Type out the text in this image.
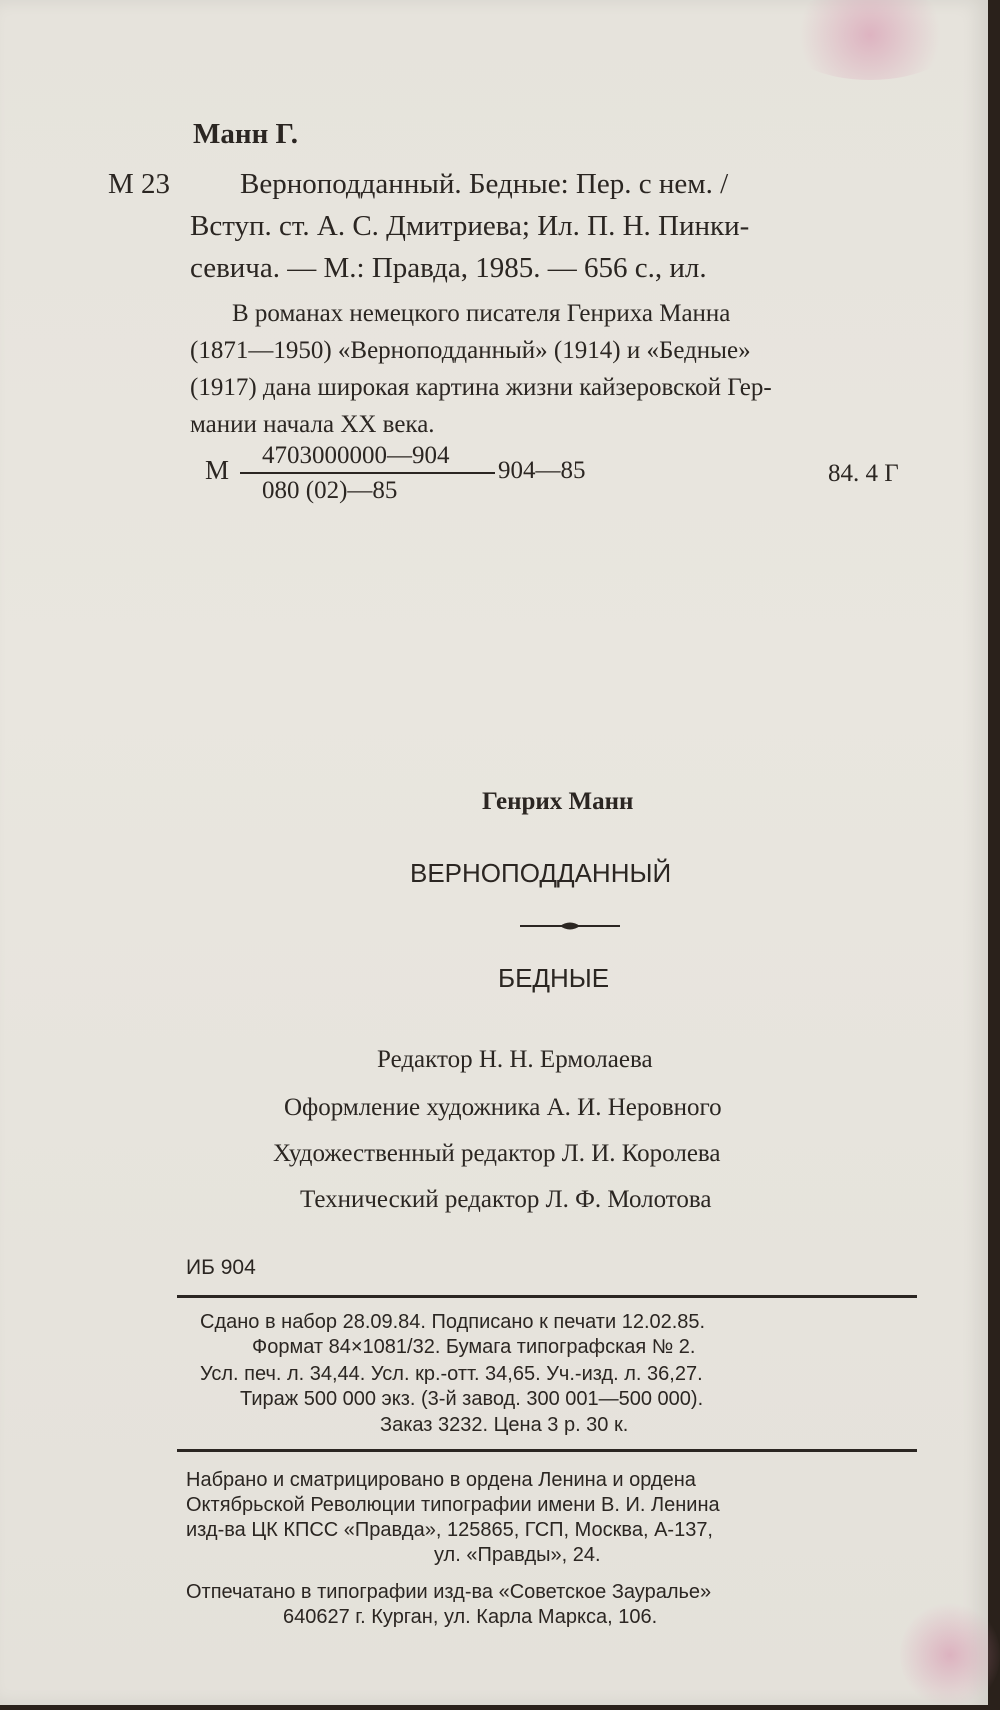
Манн Г.
М 23 Верноподданный. Бедные: Пер. с нем. /
Вступ. ст. А. С. Дмитриева; Ил. П. Н. Пинки-
севича. — М.: Правда, 1985. — 656 с., ил.
В романах немецкого писателя Генриха Манна
(1871—1950) «Верноподданный» (1914) и «Бедные»
(1917) дана широкая картина жизни кайзеровской Гер-
мании начала XX века.
М 4703000000—904
080 (02)—85
904—85	84. 4 Г
Генрих Манн
ВЕРНОПОДДАННЫЙ
БЕДНЫЕ
Редактор Н. Н. Ермолаева
Оформление художника А. И. Неровного
Художественный редактор Л. И. Королева
Технический редактор Л. Ф. Молотова
ИБ 904
Сдано в набор 28.09.84. Подписано к печати 12.02.85.
Формат 84×1081/32. Бумага типографская № 2.
Усл. печ. л. 34,44. Усл. кр.-отт. 34,65. Уч.-изд. л. 36,27.
Тираж 500 000 экз. (3-й завод. 300 001—500 000).
Заказ 3232. Цена 3 р. 30 к.
Набрано и сматрицировано в ордена Ленина и ордена
Октябрьской Революции типографии имени В. И. Ленина
изд-ва ЦК КПСС «Правда», 125865, ГСП, Москва, А-137,
ул. «Правды», 24.
Отпечатано в типографии изд-ва «Советское Зауралье»
640627 г. Курган, ул. Карла Маркса, 106.
